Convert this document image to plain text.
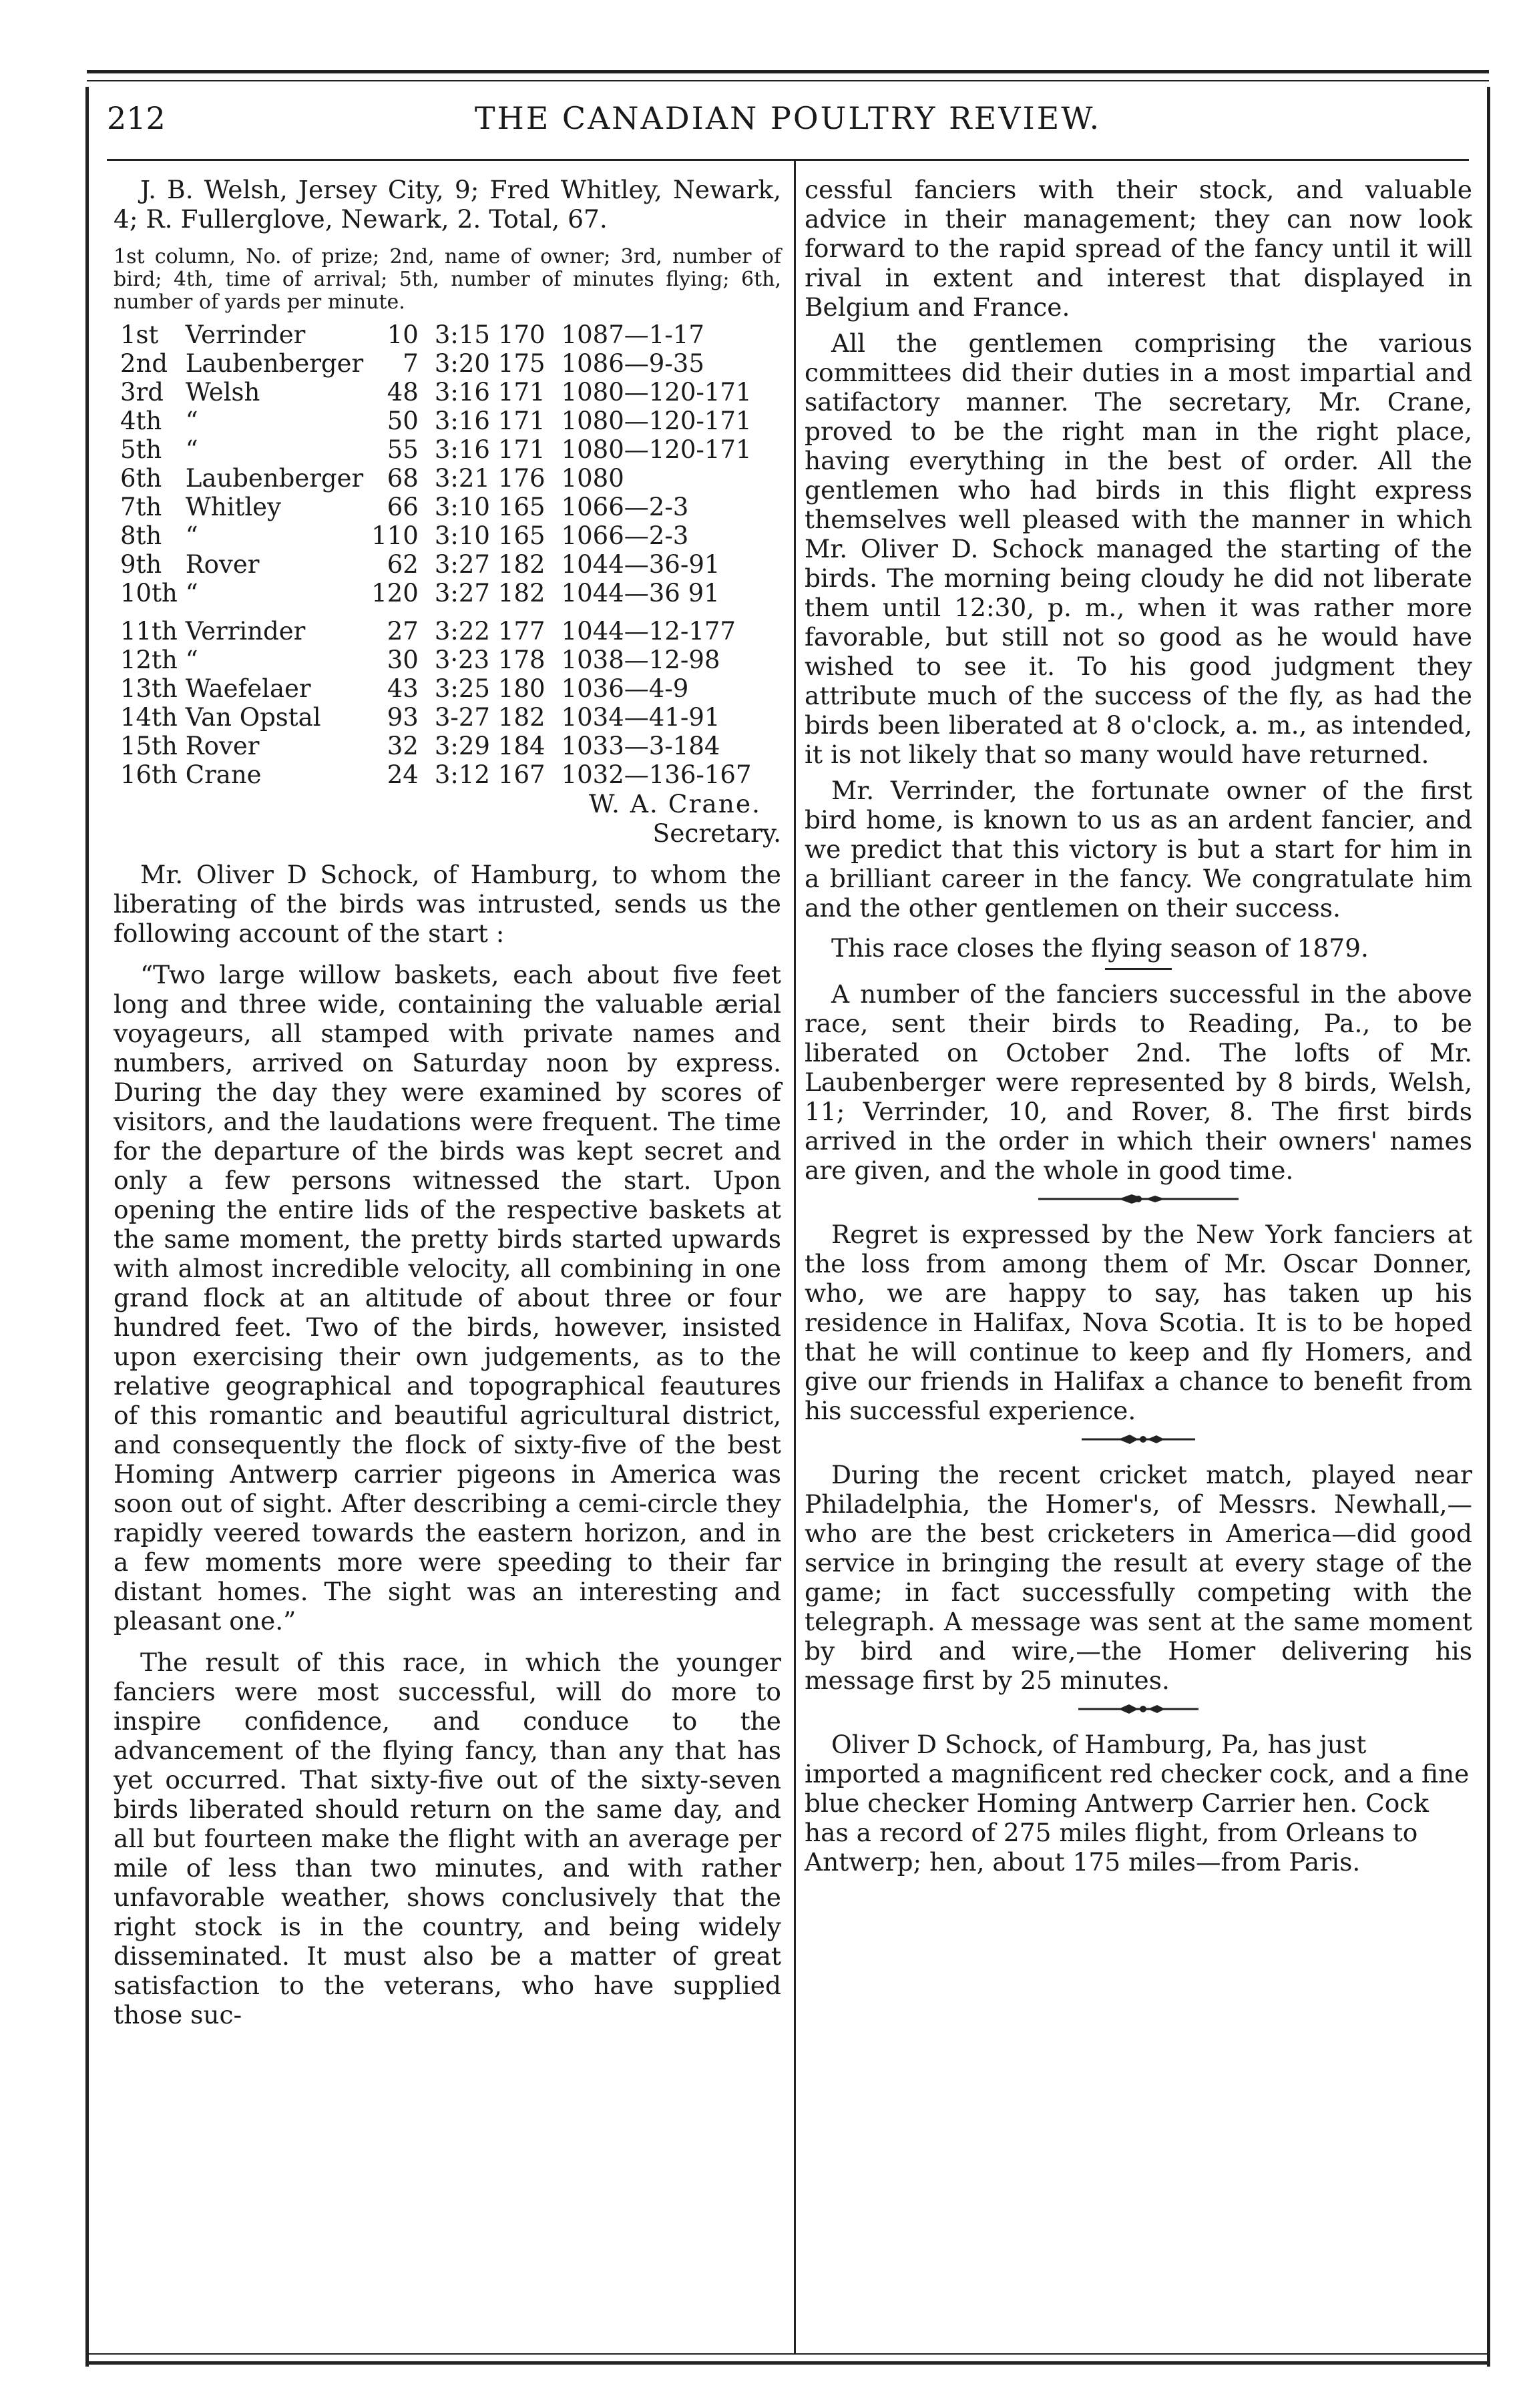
212	THE CANADIAN POULTRY REVIEW.

J. B. Welsh, Jersey City, 9; Fred Whitley, Newark, 4; R. Fullerglove, Newark, 2. Total, 67.

1st column, No. of prize; 2nd, name of owner; 3rd, number of bird; 4th, time of arrival; 5th, number of minutes flying; 6th, number of yards per minute.

1st	Verrinder	10	3:15	170	1087—1-17
2nd	Laubenberger	7	3:20	175	1086—9-35
3rd	Welsh	48	3:16	171	1080—120-171
4th	“	50	3:16	171	1080—120-171
5th	“	55	3:16	171	1080—120-171
6th	Laubenberger	68	3:21	176	1080
7th	Whitley	66	3:10	165	1066—2-3
8th	“	110	3:10	165	1066—2-3
9th	Rover	62	3:27	182	1044—36-91
10th	“	120	3:27	182	1044—36 91

11th	Verrinder	27	3:22	177	1044—12-177
12th	“	30	3·23	178	1038—12-98
13th	Waefelaer	43	3:25	180	1036—4-9
14th	Van Opstal	93	3-27	182	1034—41-91
15th	Rover	32	3:29	184	1033—3-184
16th	Crane	24	3:12	167	1032—136-167
W. A. Crane.
Secretary.

Mr. Oliver D Schock, of Hamburg, to whom the liberating of the birds was intrusted, sends us the following account of the start :

“Two large willow baskets, each about five feet long and three wide, containing the valuable ærial voyageurs, all stamped with private names and numbers, arrived on Saturday noon by express. During the day they were examined by scores of visitors, and the laudations were frequent. The time for the departure of the birds was kept secret and only a few persons witnessed the start. Upon opening the entire lids of the respective baskets at the same moment, the pretty birds started upwards with almost incredible velocity, all combining in one grand flock at an altitude of about three or four hundred feet. Two of the birds, however, insisted upon exercising their own judgements, as to the relative geographical and topographical feautures of this romantic and beautiful agricultural district, and consequently the flock of sixty-five of the best Homing Antwerp carrier pigeons in America was soon out of sight. After describing a cemi-circle they rapidly veered towards the eastern horizon, and in a few moments more were speeding to their far distant homes. The sight was an interesting and pleasant one.”

The result of this race, in which the younger fanciers were most successful, will do more to inspire confidence, and conduce to the advancement of the flying fancy, than any that has yet occurred. That sixty-five out of the sixty-seven birds liberated should return on the same day, and all but fourteen make the flight with an average per mile of less than two minutes, and with rather unfavorable weather, shows conclusively that the right stock is in the country, and being widely disseminated. It must also be a matter of great satisfaction to the veterans, who have supplied those suc-

cessful fanciers with their stock, and valuable advice in their management; they can now look forward to the rapid spread of the fancy until it will rival in extent and interest that displayed in Belgium and France.

All the gentlemen comprising the various committees did their duties in a most impartial and satifactory manner. The secretary, Mr. Crane, proved to be the right man in the right place, having everything in the best of order. All the gentlemen who had birds in this flight express themselves well pleased with the manner in which Mr. Oliver D. Schock managed the starting of the birds. The morning being cloudy he did not liberate them until 12:30, p. m., when it was rather more favorable, but still not so good as he would have wished to see it. To his good judgment they attribute much of the success of the fly, as had the birds been liberated at 8 o'clock, a. m., as intended, it is not likely that so many would have returned.

Mr. Verrinder, the fortunate owner of the first bird home, is known to us as an ardent fancier, and we predict that this victory is but a start for him in a brilliant career in the fancy. We congratulate him and the other gentlemen on their success.

This race closes the flying season of 1879.

A number of the fanciers successful in the above race, sent their birds to Reading, Pa., to be liberated on October 2nd. The lofts of Mr. Laubenberger were represented by 8 birds, Welsh, 11; Verrinder, 10, and Rover, 8. The first birds arrived in the order in which their owners' names are given, and the whole in good time.

Regret is expressed by the New York fanciers at the loss from among them of Mr. Oscar Donner, who, we are happy to say, has taken up his residence in Halifax, Nova Scotia. It is to be hoped that he will continue to keep and fly Homers, and give our friends in Halifax a chance to benefit from his successful experience.

During the recent cricket match, played near Philadelphia, the Homer's, of Messrs. Newhall,—who are the best cricketers in America—did good service in bringing the result at every stage of the game; in fact successfully competing with the telegraph. A message was sent at the same moment by bird and wire,—the Homer delivering his message first by 25 minutes.

Oliver D Schock, of Hamburg, Pa, has just imported a magnificent red checker cock, and a fine blue checker Homing Antwerp Carrier hen. Cock has a record of 275 miles flight, from Orleans to Antwerp; hen, about 175 miles—from Paris.
